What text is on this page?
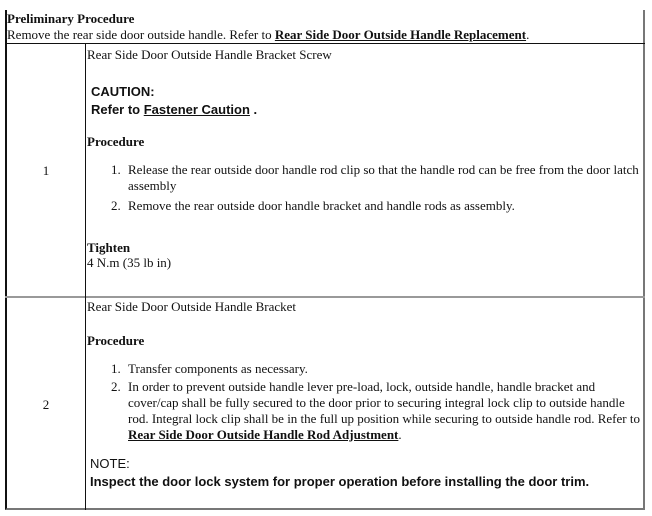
Preliminary Procedure
Remove the rear side door outside handle. Refer to Rear Side Door Outside Handle Replacement.
1
Rear Side Door Outside Handle Bracket Screw
CAUTION:
Refer to Fastener Caution .
Procedure
1. Release the rear outside door handle rod clip so that the handle rod can be free from the door latch assembly
2. Remove the rear outside door handle bracket and handle rods as assembly.
Tighten
4 N.m (35 lb in)
2
Rear Side Door Outside Handle Bracket
Procedure
1. Transfer components as necessary.
2. In order to prevent outside handle lever pre-load, lock, outside handle, handle bracket and cover/cap shall be fully secured to the door prior to securing integral lock clip to outside handle rod. Integral lock clip shall be in the full up position while securing to outside handle rod. Refer to Rear Side Door Outside Handle Rod Adjustment.
NOTE:
Inspect the door lock system for proper operation before installing the door trim.
